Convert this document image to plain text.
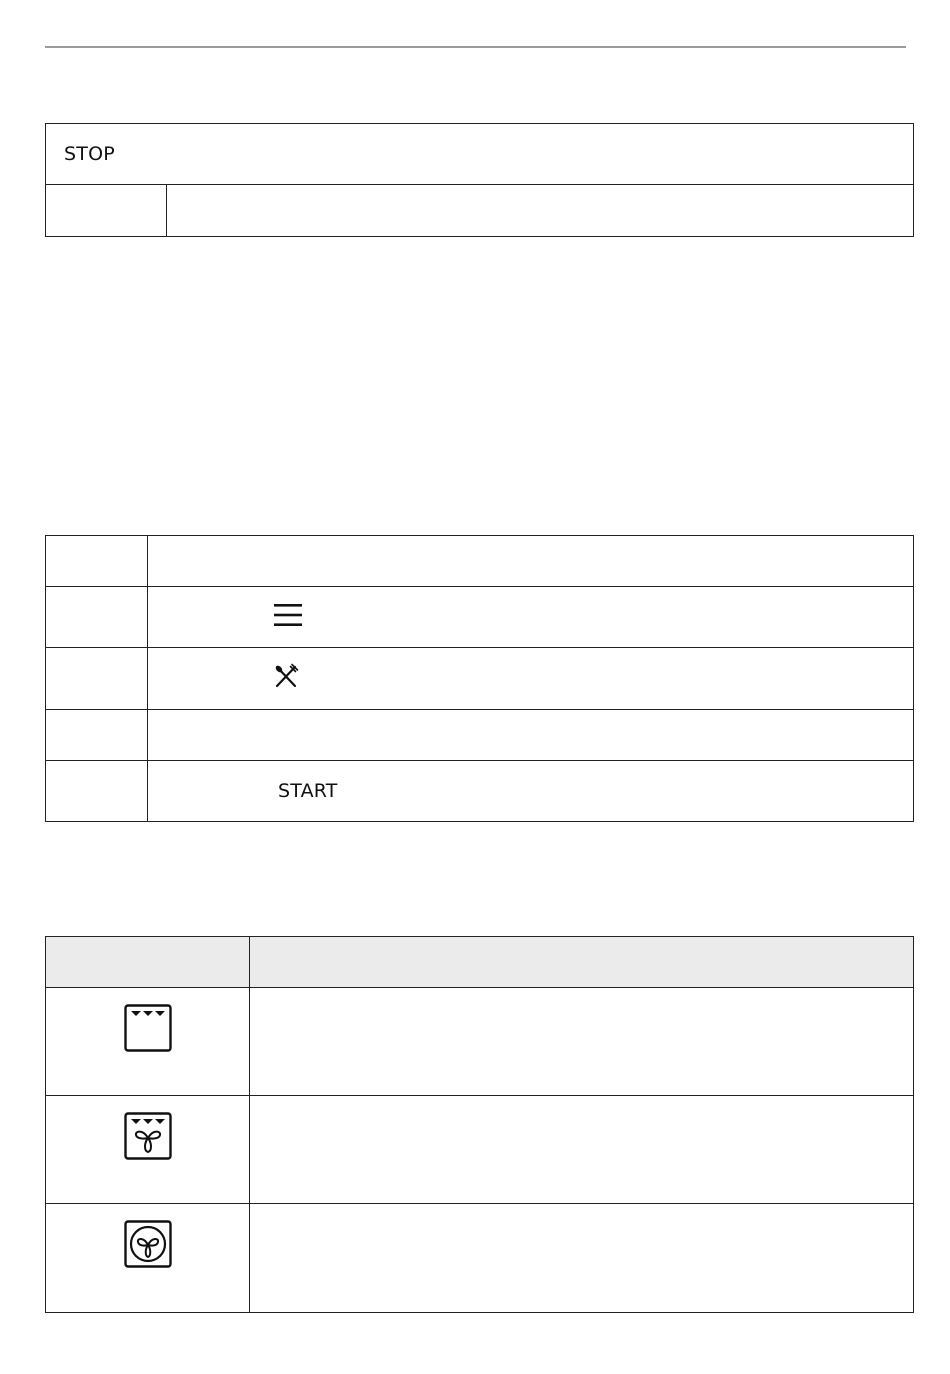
STOP

	START
